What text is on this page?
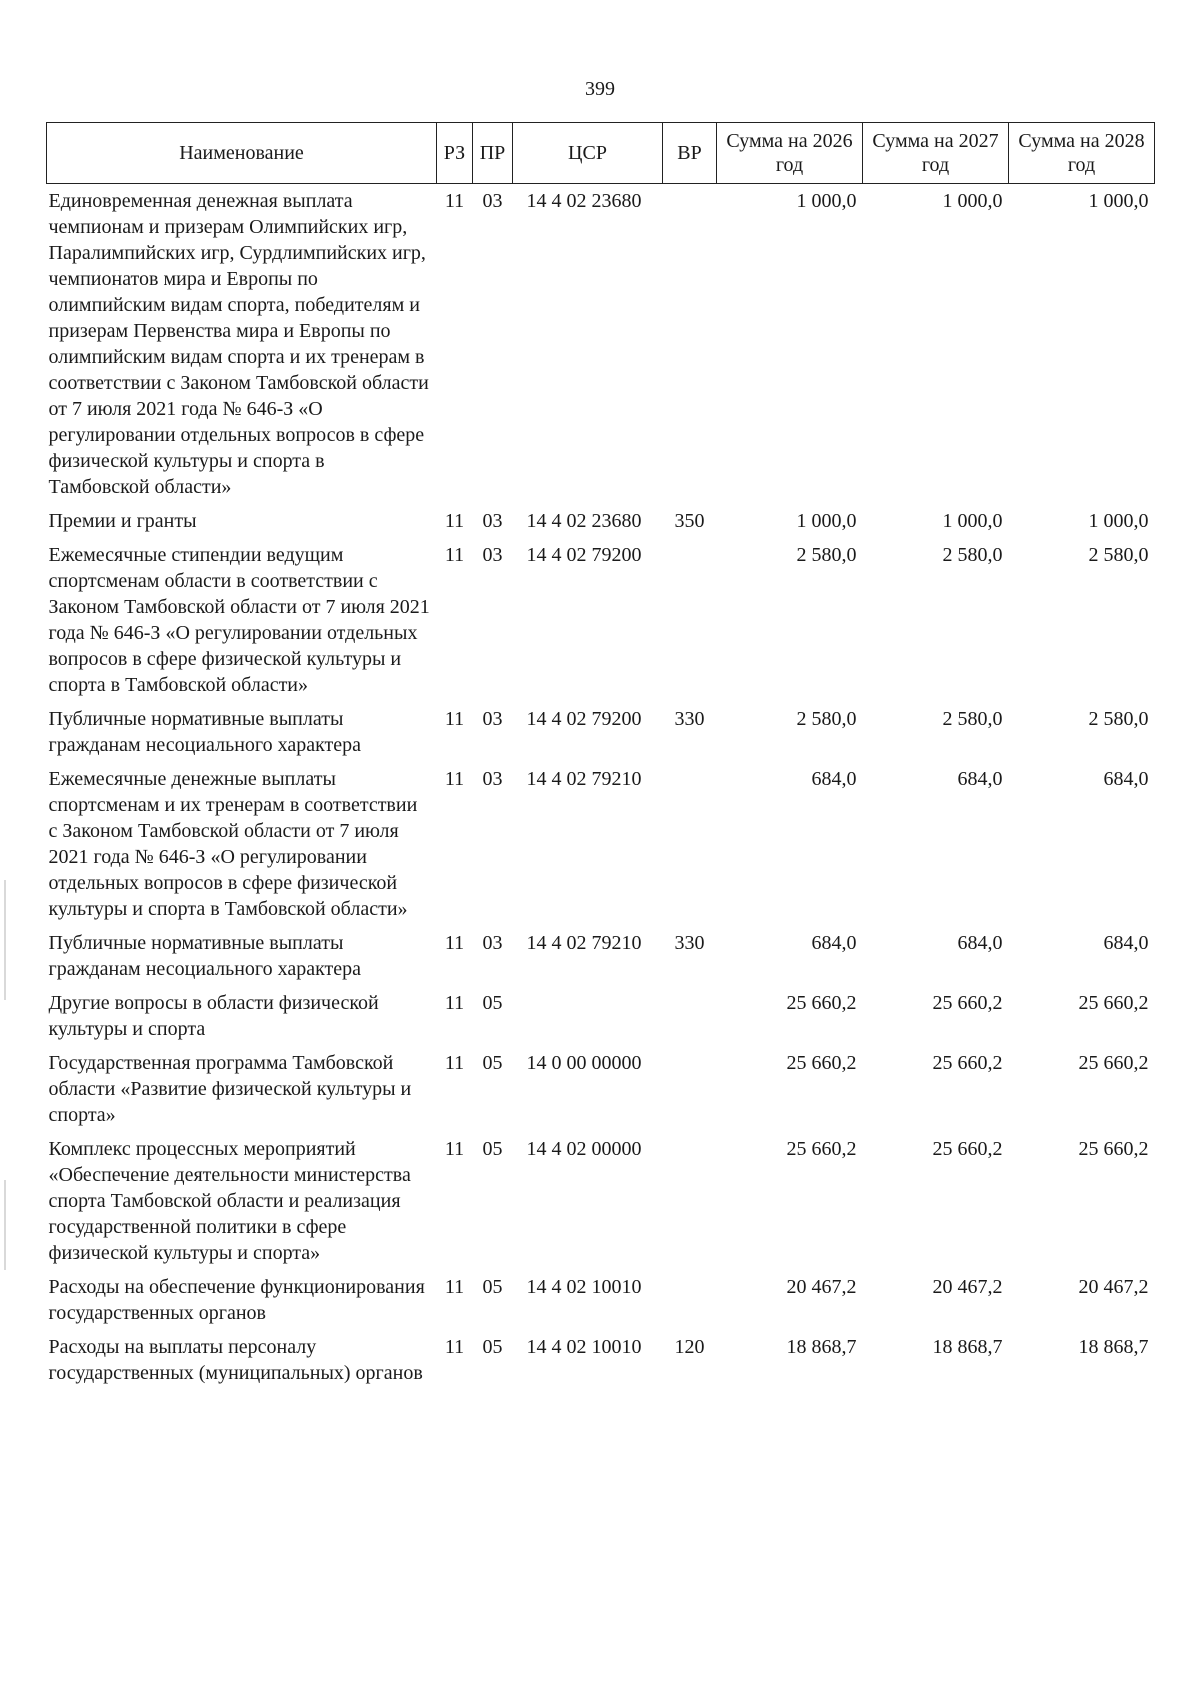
399
Наименование	РЗ	ПР	ЦСР	ВР	Сумма на 2026 год	Сумма на 2027 год	Сумма на 2028 год
Единовременная денежная выплата чемпионам и призерам Олимпийских игр, Паралимпийских игр, Сурдлимпийских игр, чемпионатов мира и Европы по олимпийским видам спорта, победителям и призерам Первенства мира и Европы по олимпийским видам спорта и их тренерам в соответствии с Законом Тамбовской области от 7 июля 2021 года № 646-З «О регулировании отдельных вопросов в сфере физической культуры и спорта в Тамбовской области»	11	03	14 4 02 23680		1 000,0	1 000,0	1 000,0
Премии и гранты	11	03	14 4 02 23680	350	1 000,0	1 000,0	1 000,0
Ежемесячные стипендии ведущим спортсменам области в соответствии с Законом Тамбовской области от 7 июля 2021 года № 646-З «О регулировании отдельных вопросов в сфере физической культуры и спорта в Тамбовской области»	11	03	14 4 02 79200		2 580,0	2 580,0	2 580,0
Публичные нормативные выплаты гражданам несоциального характера	11	03	14 4 02 79200	330	2 580,0	2 580,0	2 580,0
Ежемесячные денежные выплаты спортсменам и их тренерам в соответствии с Законом Тамбовской области от 7 июля 2021 года № 646-З «О регулировании отдельных вопросов в сфере физической культуры и спорта в Тамбовской области»	11	03	14 4 02 79210		684,0	684,0	684,0
Публичные нормативные выплаты гражданам несоциального характера	11	03	14 4 02 79210	330	684,0	684,0	684,0
Другие вопросы в области физической культуры и спорта	11	05			25 660,2	25 660,2	25 660,2
Государственная программа Тамбовской области «Развитие физической культуры и спорта»	11	05	14 0 00 00000		25 660,2	25 660,2	25 660,2
Комплекс процессных мероприятий «Обеспечение деятельности министерства спорта Тамбовской области и реализация государственной политики в сфере физической культуры и спорта»	11	05	14 4 02 00000		25 660,2	25 660,2	25 660,2
Расходы на обеспечение функционирования государственных органов	11	05	14 4 02 10010		20 467,2	20 467,2	20 467,2
Расходы на выплаты персоналу государственных (муниципальных) органов	11	05	14 4 02 10010	120	18 868,7	18 868,7	18 868,7
